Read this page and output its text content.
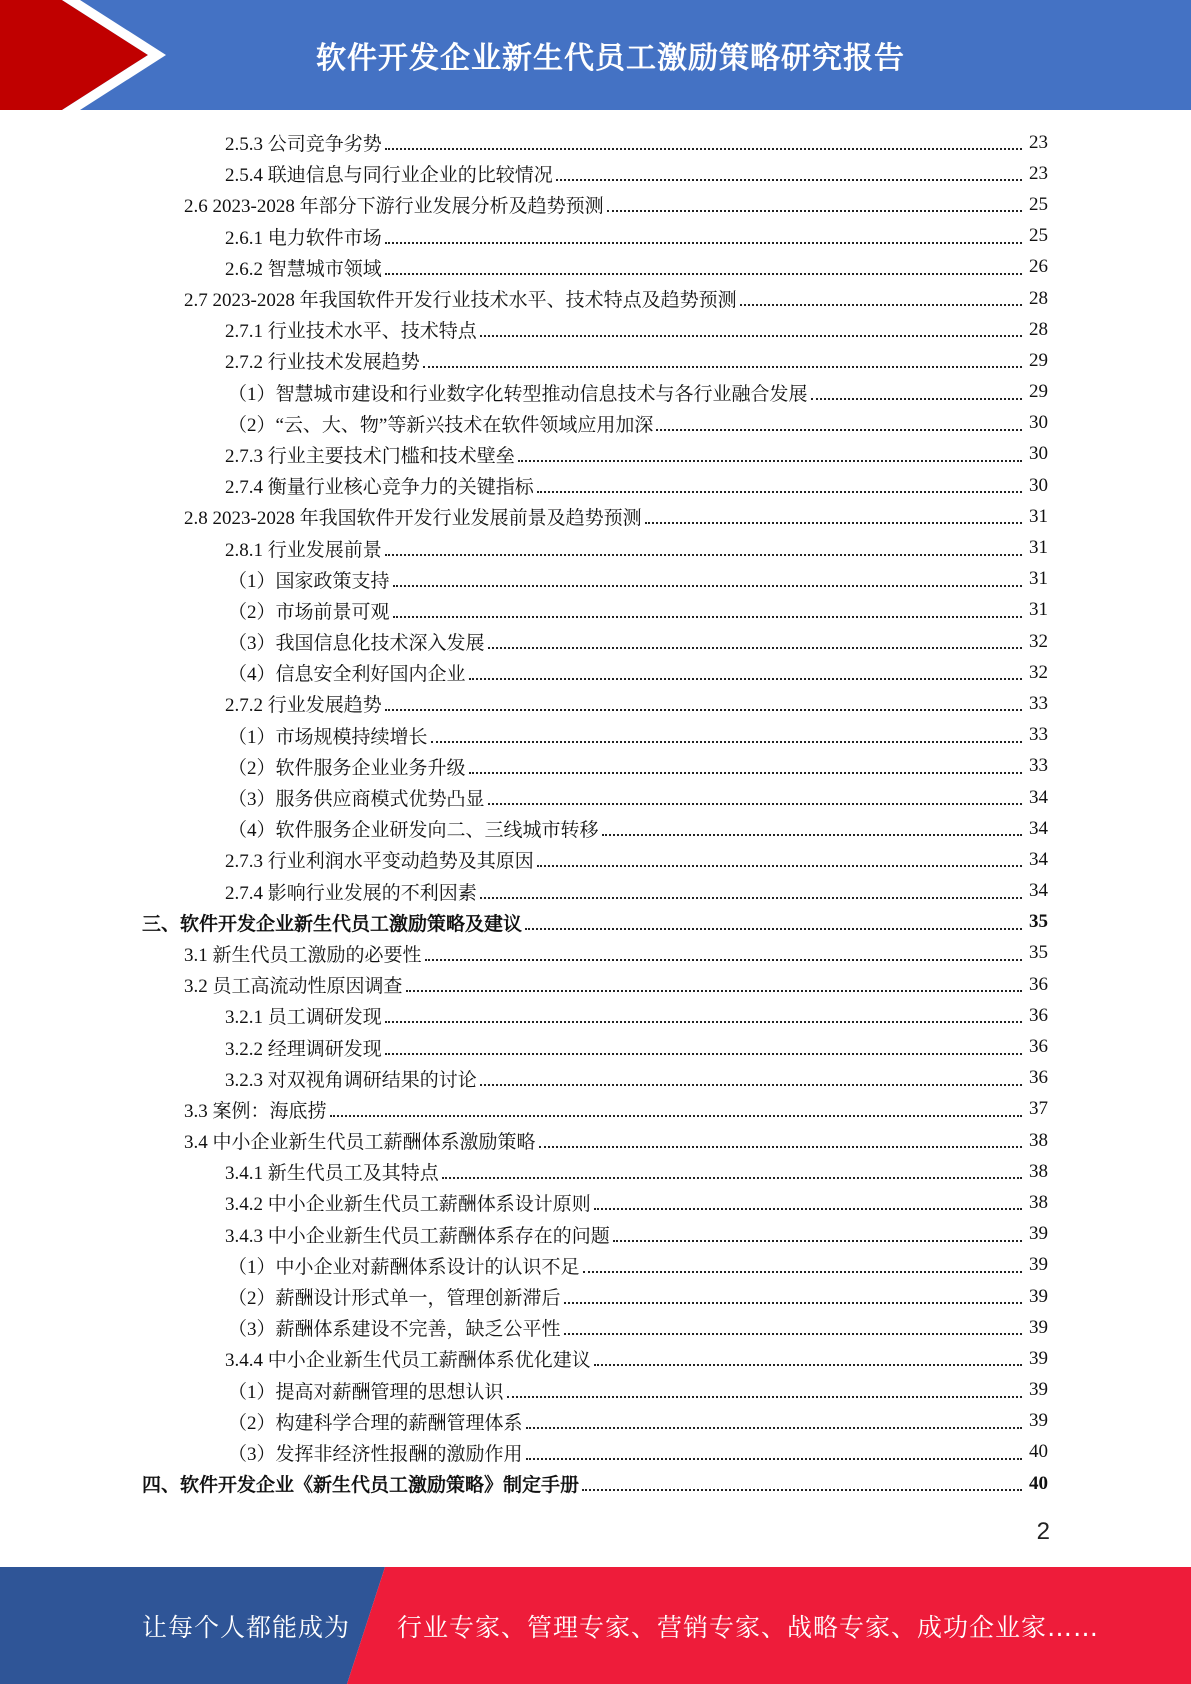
软件开发企业新生代员工激励策略研究报告
2.5.3 公司竞争劣势	23
2.5.4 联迪信息与同行业企业的比较情况	23
2.6 2023-2028 年部分下游行业发展分析及趋势预测	25
2.6.1 电力软件市场	25
2.6.2 智慧城市领域	26
2.7 2023-2028 年我国软件开发行业技术水平、技术特点及趋势预测	28
2.7.1 行业技术水平、技术特点	28
2.7.2 行业技术发展趋势	29
（1）智慧城市建设和行业数字化转型推动信息技术与各行业融合发展	29
（2）“云、大、物”等新兴技术在软件领域应用加深	30
2.7.3 行业主要技术门槛和技术壁垒	30
2.7.4 衡量行业核心竞争力的关键指标	30
2.8 2023-2028 年我国软件开发行业发展前景及趋势预测	31
2.8.1 行业发展前景	31
（1）国家政策支持	31
（2）市场前景可观	31
（3）我国信息化技术深入发展	32
（4）信息安全利好国内企业	32
2.7.2 行业发展趋势	33
（1）市场规模持续增长	33
（2）软件服务企业业务升级	33
（3）服务供应商模式优势凸显	34
（4）软件服务企业研发向二、三线城市转移	34
2.7.3 行业利润水平变动趋势及其原因	34
2.7.4 影响行业发展的不利因素	34
三、软件开发企业新生代员工激励策略及建议	35
3.1 新生代员工激励的必要性	35
3.2 员工高流动性原因调查	36
3.2.1 员工调研发现	36
3.2.2 经理调研发现	36
3.2.3 对双视角调研结果的讨论	36
3.3 案例：海底捞	37
3.4 中小企业新生代员工薪酬体系激励策略	38
3.4.1 新生代员工及其特点	38
3.4.2 中小企业新生代员工薪酬体系设计原则	38
3.4.3 中小企业新生代员工薪酬体系存在的问题	39
（1）中小企业对薪酬体系设计的认识不足	39
（2）薪酬设计形式单一，管理创新滞后	39
（3）薪酬体系建设不完善，缺乏公平性	39
3.4.4 中小企业新生代员工薪酬体系优化建议	39
（1）提高对薪酬管理的思想认识	39
（2）构建科学合理的薪酬管理体系	39
（3）发挥非经济性报酬的激励作用	40
四、软件开发企业《新生代员工激励策略》制定手册	40
2
让每个人都能成为 行业专家、管理专家、营销专家、战略专家、成功企业家……
